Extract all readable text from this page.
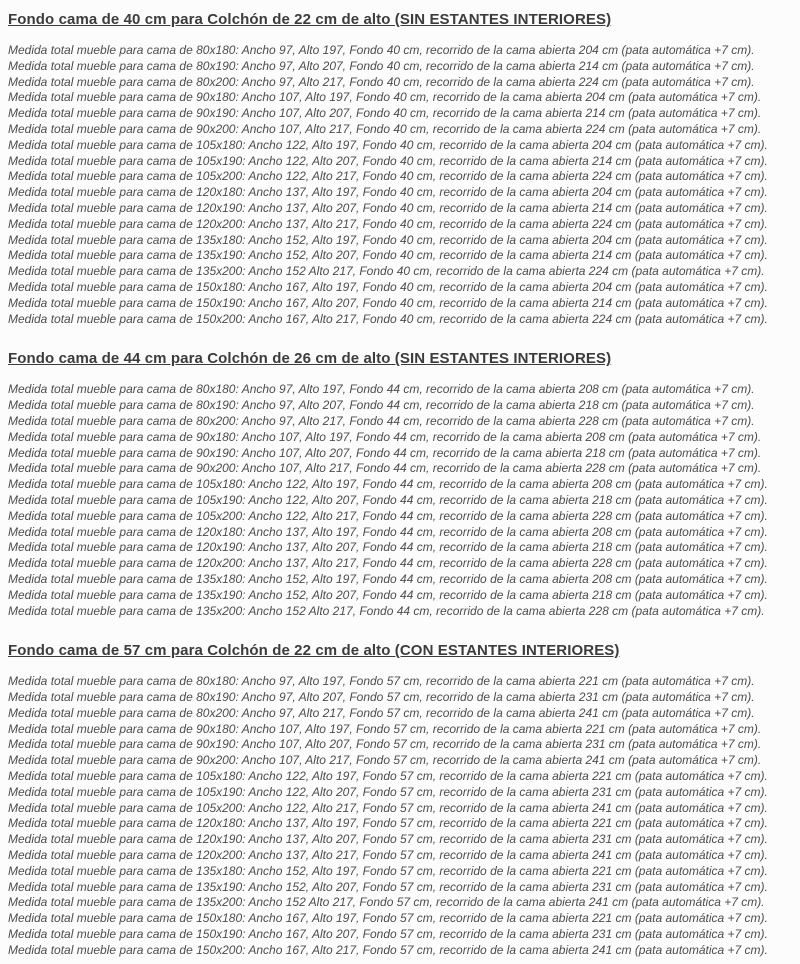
Fondo cama de 40 cm para Colchón de 22 cm de alto (SIN ESTANTES INTERIORES)

Medida total mueble para cama de 80x180: Ancho 97, Alto 197, Fondo 40 cm, recorrido de la cama abierta 204 cm (pata automática +7 cm).

Medida total mueble para cama de 80x190: Ancho 97, Alto 207, Fondo 40 cm, recorrido de la cama abierta 214 cm (pata automática +7 cm).

Medida total mueble para cama de 80x200: Ancho 97, Alto 217, Fondo 40 cm, recorrido de la cama abierta 224 cm (pata automática +7 cm).

Medida total mueble para cama de 90x180: Ancho 107, Alto 197, Fondo 40 cm, recorrido de la cama abierta 204 cm (pata automática +7 cm).

Medida total mueble para cama de 90x190: Ancho 107, Alto 207, Fondo 40 cm, recorrido de la cama abierta 214 cm (pata automática +7 cm).

Medida total mueble para cama de 90x200: Ancho 107, Alto 217, Fondo 40 cm, recorrido de la cama abierta 224 cm (pata automática +7 cm).

Medida total mueble para cama de 105x180: Ancho 122, Alto 197, Fondo 40 cm, recorrido de la cama abierta 204 cm (pata automática +7 cm).

Medida total mueble para cama de 105x190: Ancho 122, Alto 207, Fondo 40 cm, recorrido de la cama abierta 214 cm (pata automática +7 cm).

Medida total mueble para cama de 105x200: Ancho 122, Alto 217, Fondo 40 cm, recorrido de la cama abierta 224 cm (pata automática +7 cm).

Medida total mueble para cama de 120x180: Ancho 137, Alto 197, Fondo 40 cm, recorrido de la cama abierta 204 cm (pata automática +7 cm).

Medida total mueble para cama de 120x190: Ancho 137, Alto 207, Fondo 40 cm, recorrido de la cama abierta 214 cm (pata automática +7 cm).

Medida total mueble para cama de 120x200: Ancho 137, Alto 217, Fondo 40 cm, recorrido de la cama abierta 224 cm (pata automática +7 cm).

Medida total mueble para cama de 135x180: Ancho 152, Alto 197, Fondo 40 cm, recorrido de la cama abierta 204 cm (pata automática +7 cm).

Medida total mueble para cama de 135x190: Ancho 152, Alto 207, Fondo 40 cm, recorrido de la cama abierta 214 cm (pata automática +7 cm).

Medida total mueble para cama de 135x200: Ancho 152 Alto 217, Fondo 40 cm, recorrido de la cama abierta 224 cm (pata automática +7 cm).

Medida total mueble para cama de 150x180: Ancho 167, Alto 197, Fondo 40 cm, recorrido de la cama abierta 204 cm (pata automática +7 cm).

Medida total mueble para cama de 150x190: Ancho 167, Alto 207, Fondo 40 cm, recorrido de la cama abierta 214 cm (pata automática +7 cm).

Medida total mueble para cama de 150x200: Ancho 167, Alto 217, Fondo 40 cm, recorrido de la cama abierta 224 cm (pata automática +7 cm).

Fondo cama de 44 cm para Colchón de 26 cm de alto (SIN ESTANTES INTERIORES)

Medida total mueble para cama de 80x180: Ancho 97, Alto 197, Fondo 44 cm, recorrido de la cama abierta 208 cm (pata automática +7 cm).

Medida total mueble para cama de 80x190: Ancho 97, Alto 207, Fondo 44 cm, recorrido de la cama abierta 218 cm (pata automática +7 cm).

Medida total mueble para cama de 80x200: Ancho 97, Alto 217, Fondo 44 cm, recorrido de la cama abierta 228 cm (pata automática +7 cm).

Medida total mueble para cama de 90x180: Ancho 107, Alto 197, Fondo 44 cm, recorrido de la cama abierta 208 cm (pata automática +7 cm).

Medida total mueble para cama de 90x190: Ancho 107, Alto 207, Fondo 44 cm, recorrido de la cama abierta 218 cm (pata automática +7 cm).

Medida total mueble para cama de 90x200: Ancho 107, Alto 217, Fondo 44 cm, recorrido de la cama abierta 228 cm (pata automática +7 cm).

Medida total mueble para cama de 105x180: Ancho 122, Alto 197, Fondo 44 cm, recorrido de la cama abierta 208 cm (pata automática +7 cm).

Medida total mueble para cama de 105x190: Ancho 122, Alto 207, Fondo 44 cm, recorrido de la cama abierta 218 cm (pata automática +7 cm).

Medida total mueble para cama de 105x200: Ancho 122, Alto 217, Fondo 44 cm, recorrido de la cama abierta 228 cm (pata automática +7 cm).

Medida total mueble para cama de 120x180: Ancho 137, Alto 197, Fondo 44 cm, recorrido de la cama abierta 208 cm (pata automática +7 cm).

Medida total mueble para cama de 120x190: Ancho 137, Alto 207, Fondo 44 cm, recorrido de la cama abierta 218 cm (pata automática +7 cm).

Medida total mueble para cama de 120x200: Ancho 137, Alto 217, Fondo 44 cm, recorrido de la cama abierta 228 cm (pata automática +7 cm).

Medida total mueble para cama de 135x180: Ancho 152, Alto 197, Fondo 44 cm, recorrido de la cama abierta 208 cm (pata automática +7 cm).

Medida total mueble para cama de 135x190: Ancho 152, Alto 207, Fondo 44 cm, recorrido de la cama abierta 218 cm (pata automática +7 cm).

Medida total mueble para cama de 135x200: Ancho 152 Alto 217, Fondo 44 cm, recorrido de la cama abierta 228 cm (pata automática +7 cm).

Fondo cama de 57 cm para Colchón de 22 cm de alto (CON ESTANTES INTERIORES)

Medida total mueble para cama de 80x180: Ancho 97, Alto 197, Fondo 57 cm, recorrido de la cama abierta 221 cm (pata automática +7 cm).

Medida total mueble para cama de 80x190: Ancho 97, Alto 207, Fondo 57 cm, recorrido de la cama abierta 231 cm (pata automática +7 cm).

Medida total mueble para cama de 80x200: Ancho 97, Alto 217, Fondo 57 cm, recorrido de la cama abierta 241 cm (pata automática +7 cm).

Medida total mueble para cama de 90x180: Ancho 107, Alto 197, Fondo 57 cm, recorrido de la cama abierta 221 cm (pata automática +7 cm).

Medida total mueble para cama de 90x190: Ancho 107, Alto 207, Fondo 57 cm, recorrido de la cama abierta 231 cm (pata automática +7 cm).

Medida total mueble para cama de 90x200: Ancho 107, Alto 217, Fondo 57 cm, recorrido de la cama abierta 241 cm (pata automática +7 cm).

Medida total mueble para cama de 105x180: Ancho 122, Alto 197, Fondo 57 cm, recorrido de la cama abierta 221 cm (pata automática +7 cm).

Medida total mueble para cama de 105x190: Ancho 122, Alto 207, Fondo 57 cm, recorrido de la cama abierta 231 cm (pata automática +7 cm).

Medida total mueble para cama de 105x200: Ancho 122, Alto 217, Fondo 57 cm, recorrido de la cama abierta 241 cm (pata automática +7 cm).

Medida total mueble para cama de 120x180: Ancho 137, Alto 197, Fondo 57 cm, recorrido de la cama abierta 221 cm (pata automática +7 cm).

Medida total mueble para cama de 120x190: Ancho 137, Alto 207, Fondo 57 cm, recorrido de la cama abierta 231 cm (pata automática +7 cm).

Medida total mueble para cama de 120x200: Ancho 137, Alto 217, Fondo 57 cm, recorrido de la cama abierta 241 cm (pata automática +7 cm).

Medida total mueble para cama de 135x180: Ancho 152, Alto 197, Fondo 57 cm, recorrido de la cama abierta 221 cm (pata automática +7 cm).

Medida total mueble para cama de 135x190: Ancho 152, Alto 207, Fondo 57 cm, recorrido de la cama abierta 231 cm (pata automática +7 cm).

Medida total mueble para cama de 135x200: Ancho 152 Alto 217, Fondo 57 cm, recorrido de la cama abierta 241 cm (pata automática +7 cm).

Medida total mueble para cama de 150x180: Ancho 167, Alto 197, Fondo 57 cm, recorrido de la cama abierta 221 cm (pata automática +7 cm).

Medida total mueble para cama de 150x190: Ancho 167, Alto 207, Fondo 57 cm, recorrido de la cama abierta 231 cm (pata automática +7 cm).

Medida total mueble para cama de 150x200: Ancho 167, Alto 217, Fondo 57 cm, recorrido de la cama abierta 241 cm (pata automática +7 cm).
